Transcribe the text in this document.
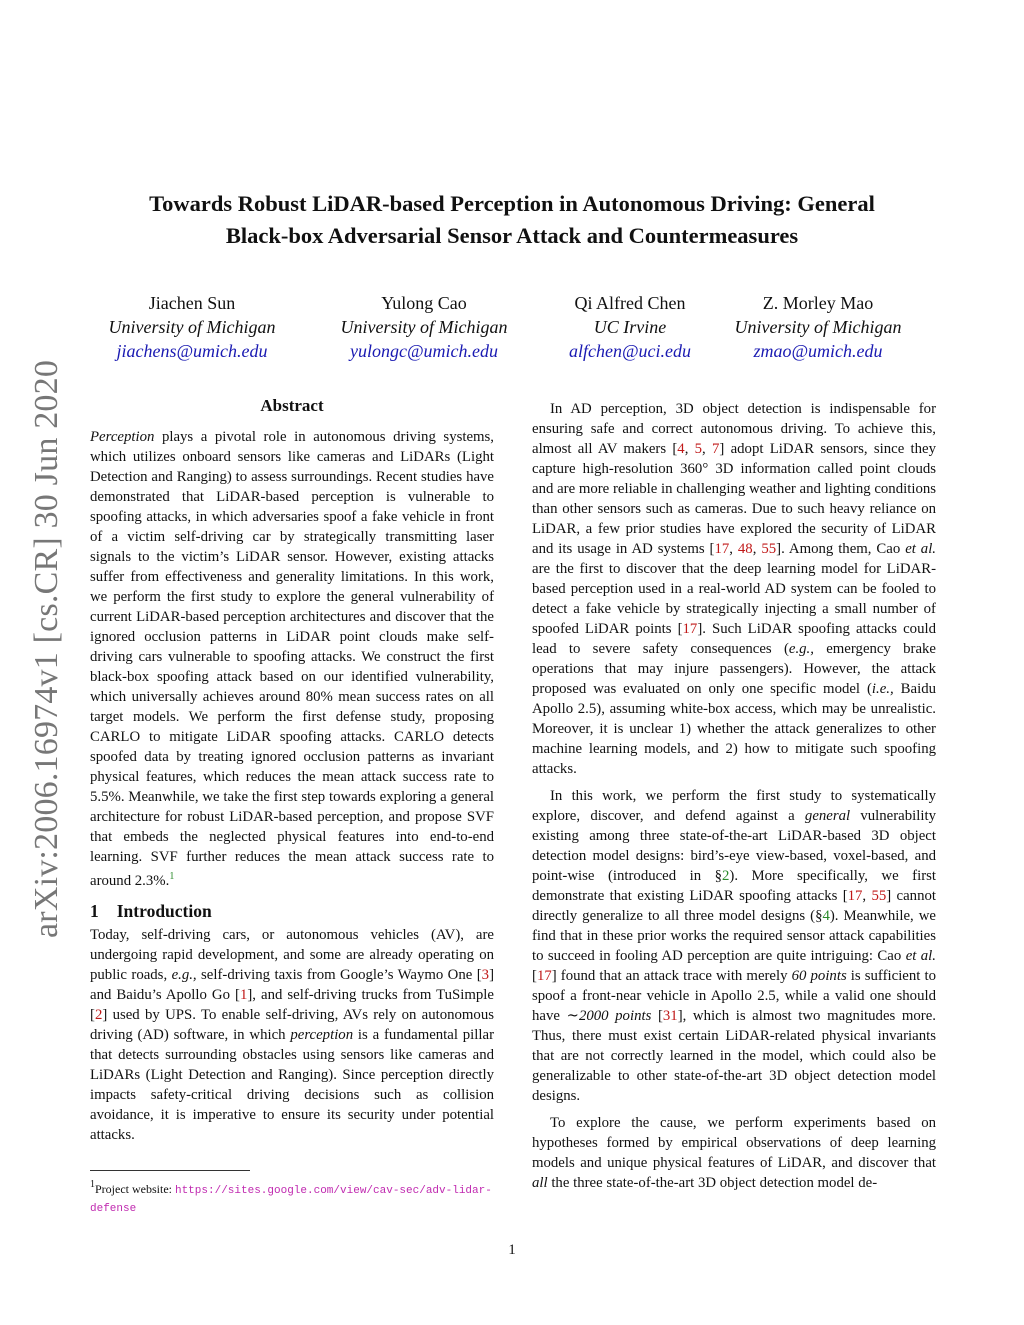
arXiv:2006.16974v1 [cs.CR] 30 Jun 2020
Towards Robust LiDAR-based Perception in Autonomous Driving: General
Black-box Adversarial Sensor Attack and Countermeasures
Jiachen Sun
University of Michigan
jiachens@umich.edu
Yulong Cao
University of Michigan
yulongc@umich.edu
Qi Alfred Chen
UC Irvine
alfchen@uci.edu
Z. Morley Mao
University of Michigan
zmao@umich.edu

Abstract

Perception plays a pivotal role in autonomous driving systems, which utilizes onboard sensors like cameras and LiDARs (Light Detection and Ranging) to assess surroundings. Recent studies have demonstrated that LiDAR-based perception is vulnerable to spoofing attacks, in which adversaries spoof a fake vehicle in front of a victim self-driving car by strategically transmitting laser signals to the victim’s LiDAR sensor. However, existing attacks suffer from effectiveness and generality limitations. In this work, we perform the first study to explore the general vulnerability of current LiDAR-based perception architectures and discover that the ignored occlusion patterns in LiDAR point clouds make self-driving cars vulnerable to spoofing attacks. We construct the first black-box spoofing attack based on our identified vulnerability, which universally achieves around 80% mean success rates on all target models. We perform the first defense study, proposing CARLO to mitigate LiDAR spoofing attacks. CARLO detects spoofed data by treating ignored occlusion patterns as invariant physical features, which reduces the mean attack success rate to 5.5%. Meanwhile, we take the first step towards exploring a general architecture for robust LiDAR-based perception, and propose SVF that embeds the neglected physical features into end-to-end learning. SVF further reduces the mean attack success rate to around 2.3%.$^1$

1 Introduction

Today, self-driving cars, or autonomous vehicles (AV), are undergoing rapid development, and some are already operating on public roads, e.g., self-driving taxis from Google’s Waymo One [3] and Baidu’s Apollo Go [1], and self-driving trucks from TuSimple [2] used by UPS. To enable self-driving, AVs rely on autonomous driving (AD) software, in which perception is a fundamental pillar that detects surrounding obstacles using sensors like cameras and LiDARs (Light Detection and Ranging). Since perception directly impacts safety-critical driving decisions such as collision avoidance, it is imperative to ensure its security under potential attacks.

$^1$Project website: https://sites.google.com/view/cav-sec/adv-lidar-defense

In AD perception, 3D object detection is indispensable for ensuring safe and correct autonomous driving. To achieve this, almost all AV makers [4, 5, 7] adopt LiDAR sensors, since they capture high-resolution 360° 3D information called point clouds and are more reliable in challenging weather and lighting conditions than other sensors such as cameras. Due to such heavy reliance on LiDAR, a few prior studies have explored the security of LiDAR and its usage in AD systems [17, 48, 55]. Among them, Cao et al. are the first to discover that the deep learning model for LiDAR-based perception used in a real-world AD system can be fooled to detect a fake vehicle by strategically injecting a small number of spoofed LiDAR points [17]. Such LiDAR spoofing attacks could lead to severe safety consequences (e.g., emergency brake operations that may injure passengers). However, the attack proposed was evaluated on only one specific model (i.e., Baidu Apollo 2.5), assuming white-box access, which may be unrealistic. Moreover, it is unclear 1) whether the attack generalizes to other machine learning models, and 2) how to mitigate such spoofing attacks.

In this work, we perform the first study to systematically explore, discover, and defend against a general vulnerability existing among three state-of-the-art LiDAR-based 3D object detection model designs: bird’s-eye view-based, voxel-based, and point-wise (introduced in §2). More specifically, we first demonstrate that existing LiDAR spoofing attacks [17, 55] cannot directly generalize to all three model designs (§4). Meanwhile, we find that in these prior works the required sensor attack capabilities to succeed in fooling AD perception are quite intriguing: Cao et al. [17] found that an attack trace with merely 60 points is sufficient to spoof a front-near vehicle in Apollo 2.5, while a valid one should have ∼2000 points [31], which is almost two magnitudes more. Thus, there must exist certain LiDAR-related physical invariants that are not correctly learned in the model, which could also be generalizable to other state-of-the-art 3D object detection model designs.

To explore the cause, we perform experiments based on hypotheses formed by empirical observations of deep learning models and unique physical features of LiDAR, and discover that all the three state-of-the-art 3D object detection model de-

1
